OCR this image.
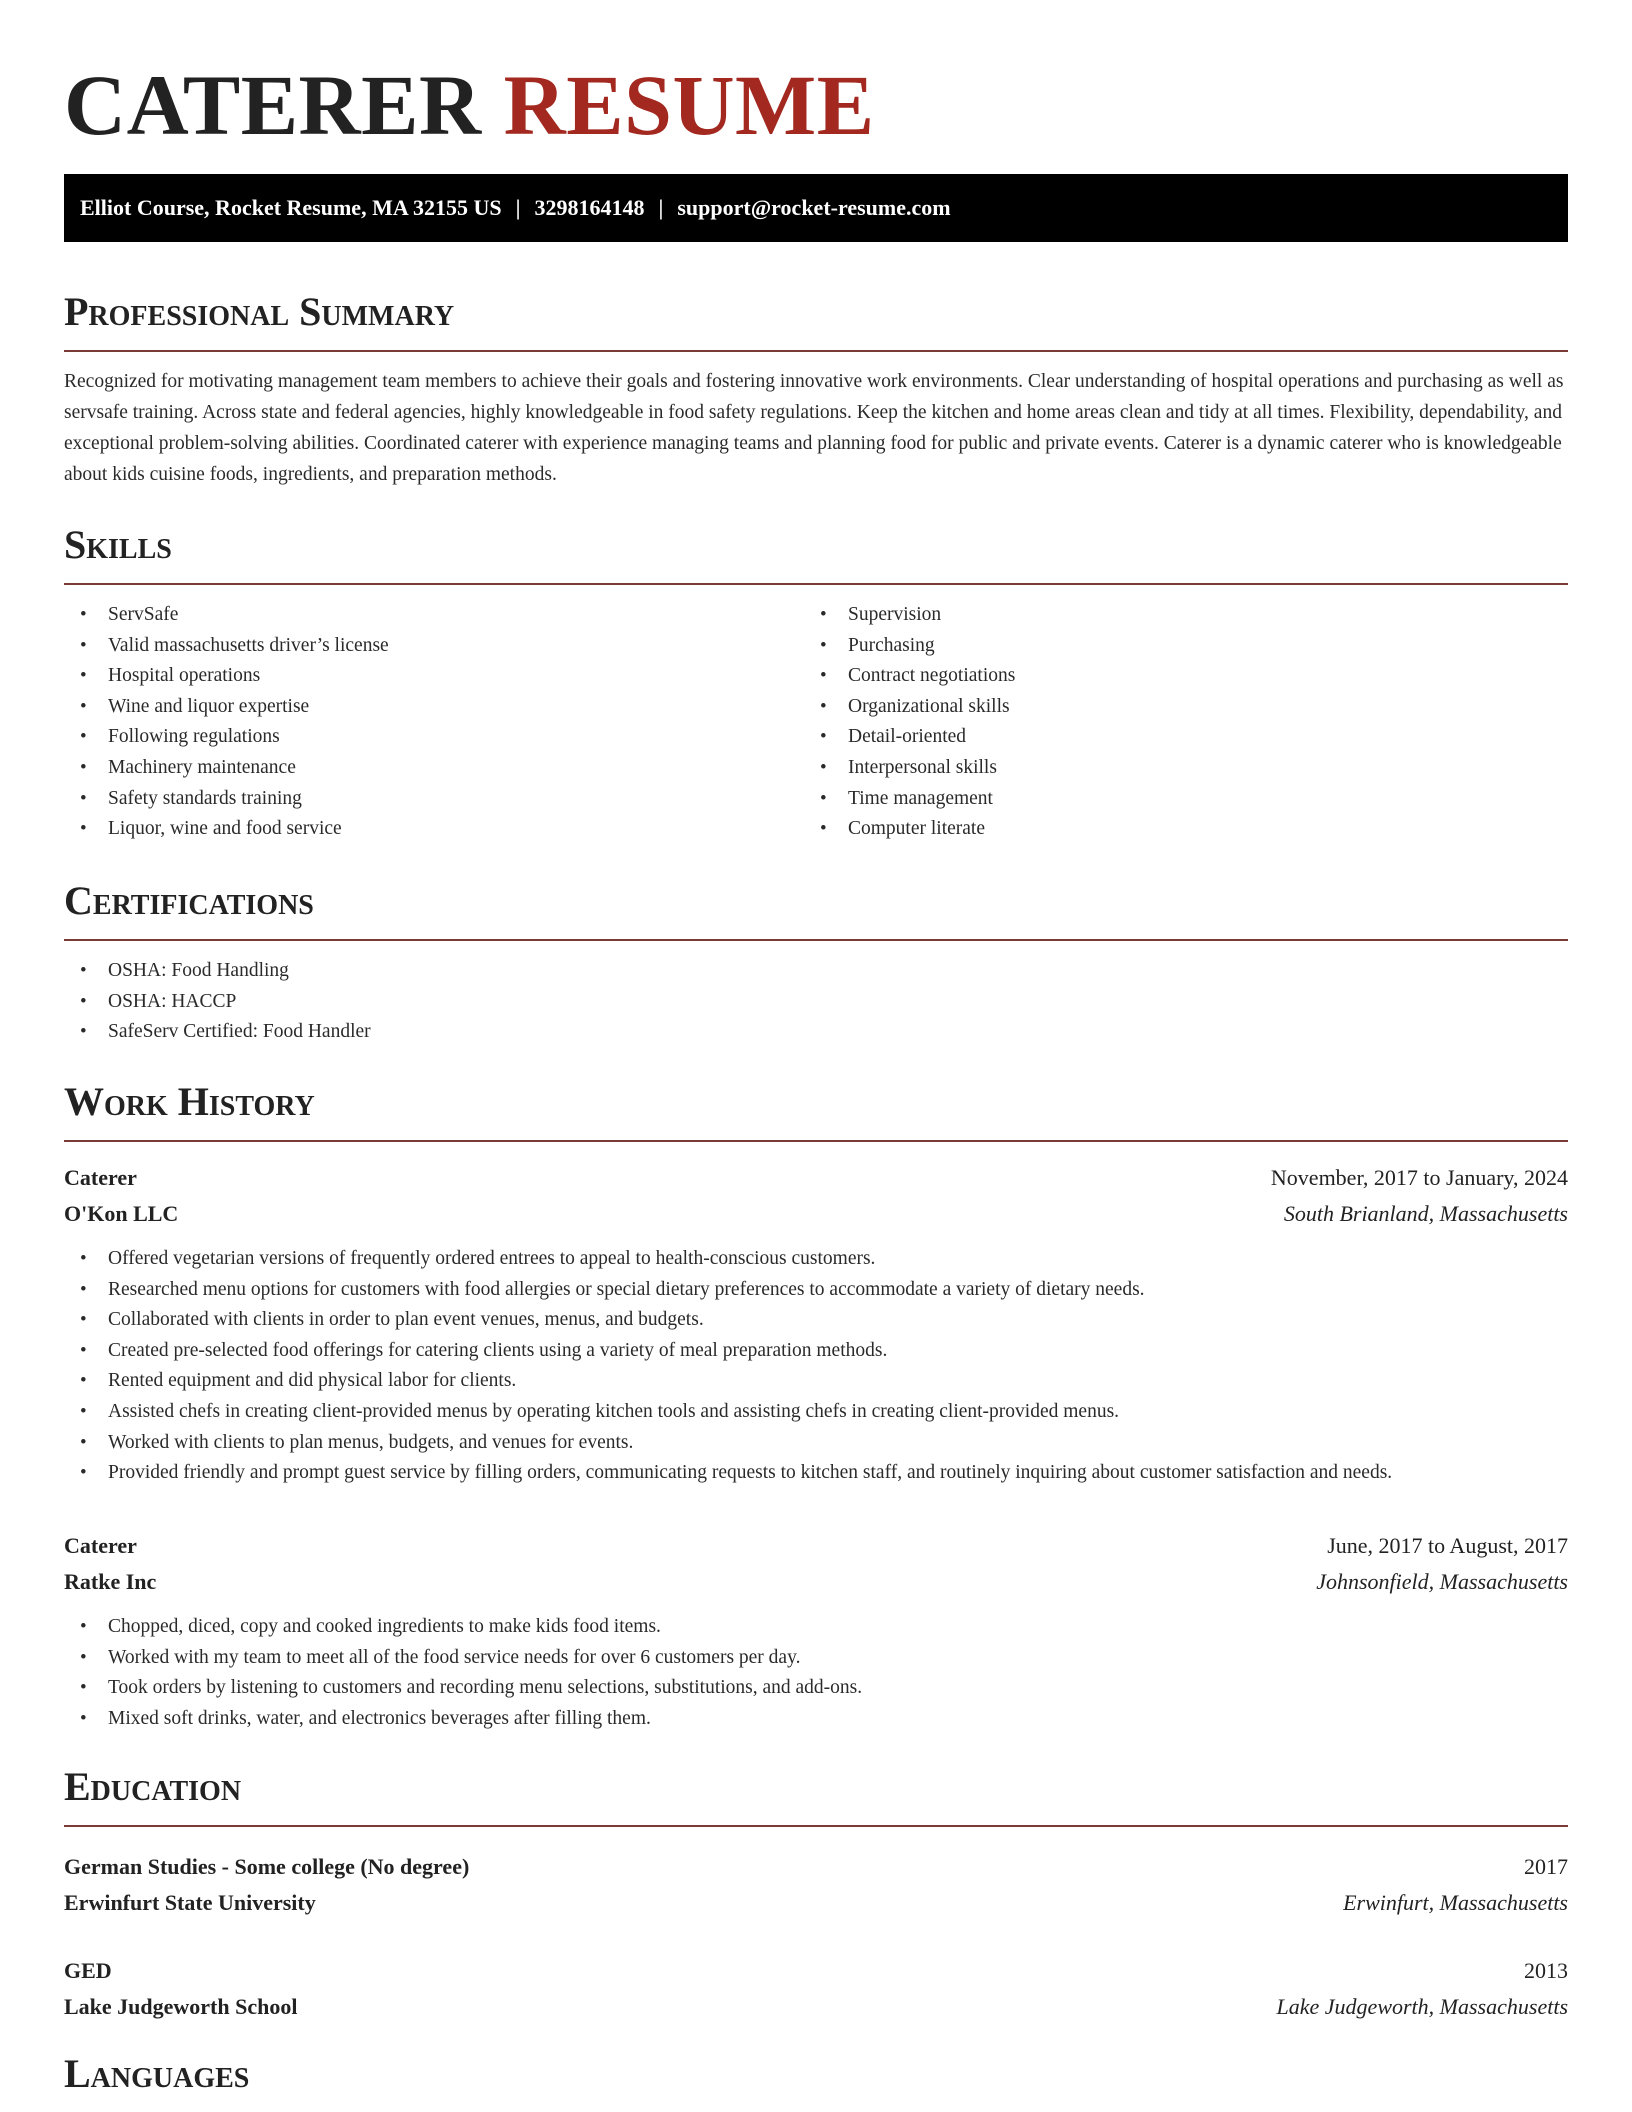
CATERER RESUME
Elliot Course, Rocket Resume, MA 32155 US | 3298164148 | support@rocket-resume.com
Professional Summary
Recognized for motivating management team members to achieve their goals and fostering innovative work environments. Clear understanding of hospital operations and purchasing as well as servsafe training. Across state and federal agencies, highly knowledgeable in food safety regulations. Keep the kitchen and home areas clean and tidy at all times. Flexibility, dependability, and exceptional problem-solving abilities. Coordinated caterer with experience managing teams and planning food for public and private events. Caterer is a dynamic caterer who is knowledgeable about kids cuisine foods, ingredients, and preparation methods.
Skills
• ServSafe
• Valid massachusetts driver’s license
• Hospital operations
• Wine and liquor expertise
• Following regulations
• Machinery maintenance
• Safety standards training
• Liquor, wine and food service
• Supervision
• Purchasing
• Contract negotiations
• Organizational skills
• Detail-oriented
• Interpersonal skills
• Time management
• Computer literate
Certifications
• OSHA: Food Handling
• OSHA: HACCP
• SafeServ Certified: Food Handler
Work History
Caterer	November, 2017 to January, 2024
O'Kon LLC	South Brianland, Massachusetts
• Offered vegetarian versions of frequently ordered entrees to appeal to health-conscious customers.
• Researched menu options for customers with food allergies or special dietary preferences to accommodate a variety of dietary needs.
• Collaborated with clients in order to plan event venues, menus, and budgets.
• Created pre-selected food offerings for catering clients using a variety of meal preparation methods.
• Rented equipment and did physical labor for clients.
• Assisted chefs in creating client-provided menus by operating kitchen tools and assisting chefs in creating client-provided menus.
• Worked with clients to plan menus, budgets, and venues for events.
• Provided friendly and prompt guest service by filling orders, communicating requests to kitchen staff, and routinely inquiring about customer satisfaction and needs.
Caterer	June, 2017 to August, 2017
Ratke Inc	Johnsonfield, Massachusetts
• Chopped, diced, copy and cooked ingredients to make kids food items.
• Worked with my team to meet all of the food service needs for over 6 customers per day.
• Took orders by listening to customers and recording menu selections, substitutions, and add-ons.
• Mixed soft drinks, water, and electronics beverages after filling them.
Education
German Studies - Some college (No degree)	2017
Erwinfurt State University	Erwinfurt, Massachusetts
GED	2013
Lake Judgeworth School	Lake Judgeworth, Massachusetts
Languages
